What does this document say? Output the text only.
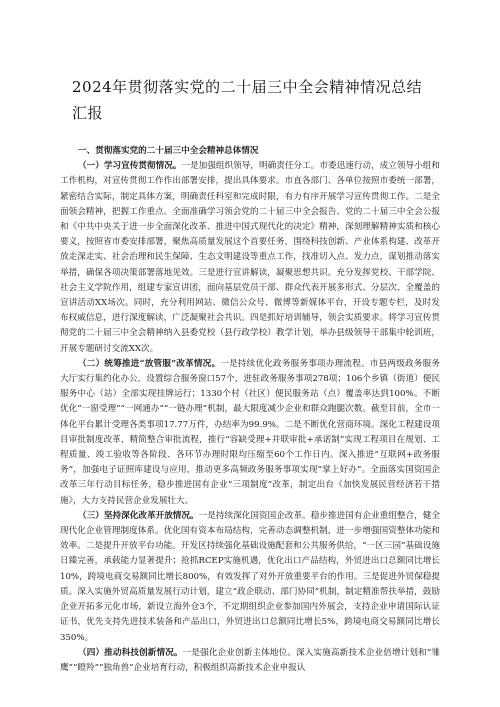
2024年贯彻落实党的二十届三中全会精神情况总结汇报

一、贯彻落实党的二十届三中全会精神总体情况

（一）学习宣传贯彻情况。一是加强组织领导，明确责任分工。市委迅速行动，成立领导小组和工作机构，对宣传贯彻工作作出部署安排，提出具体要求。市直各部门、各单位按照市委统一部署，紧密结合实际，制定具体方案，明确责任科室和完成时限，有力有序开展学习宣传贯彻工作。二是全面领会精神，把握工作重点。全面准确学习领会党的二十届三中全会报告、党的二十届三中全会公报和《中共中央关于进一步全面深化改革、推进中国式现代化的决定》精神，深刻理解精神实质和核心要义，按照省市委安排部署，聚焦高质量发展这个首要任务，围绕科技创新、产业体系构建、改革开放走深走实、社会治理和民生保障、生态文明建设等重点工作，找准切入点、发力点，谋划推动落实举措，确保各项决策部署落地见效。三是进行宣讲解读，凝聚思想共识。充分发挥党校、干部学院、社会主义学院作用，组建专家宣讲团，面向基层党员干部、群众代表开展多形式、分层次、全覆盖的宣讲活动XX场次。同时，充分利用网站、微信公众号、微博等新媒体平台，开设专题专栏，及时发布权威信息，进行深度解读，广泛凝聚社会共识。四是抓好培训辅导，领会实质要求。将学习宣传贯彻党的二十届三中全会精神纳入县委党校（县行政学校）教学计划，举办县级领导干部集中轮训班，开展专题研讨交流XX次。

（二）统筹推进“放管服”改革情况。一是持续优化政务服务事项办理流程。市县两级政务服务大厅实行集约化办公，设置综合服务窗口57个，进驻政务服务事项278项；106个乡镇（街道）便民服务中心（站）全部实现挂牌运行；1330个村（社区）便民服务站（点）覆盖率达到100%。不断优化“一窗受理”“一网通办”“一链办理”机制，最大限度减少企业和群众跑腿次数。截至目前，全市一体化平台累计受理各类事项17.77万件，办结率为99.9%。二是不断优化营商环境。深化工程建设项目审批制度改革，精简整合审批流程，推行“容缺受理+并联审批+承诺制”实现工程项目在规划、工程质量、竣工验收等各阶段、各环节办理时限均压缩至60个工作日内。深入推进“互联网+政务服务”，加强电子证照库建设与应用，推动更多高频政务服务事项实现“掌上好办”。全面落实国资国企改革三年行动目标任务，稳步推进国有企业“三项制度”改革，制定出台《加快发展民营经济若干措施》，大力支持民营企业发展壮大。

（三）坚持深化改革开放情况。一是持续深化国资国企改革。稳步推进国有企业重组整合，健全现代化企业管理制度体系。优化国有资本布局结构，完善动态调整机制，进一步增强国资整体功能和效率。二是提升开放平台功能。开发区持续强化基础设施配套和公共服务供给，“一区三园”基础设施日臻完善，承载能力显著提升；抢抓RCEP实施机遇，优化出口产品结构，外贸进出口总额同比增长10%，跨境电商交易额同比增长800%，有效发挥了对外开放重要平台的作用。三是促进外贸保稳提质。深入实施外贸高质量发展行动计划，建立“政企联动、部门协同”机制，制定精准帮扶举措，鼓励企业开拓多元化市场，新设立海外仓3个，不定期组织企业参加国内外展会，支持企业申请国际认证证书，优先支持先进技术装备和产品出口，外贸进出口总额同比增长5%，跨境电商交易额同比增长350%。

（四）推动科技创新情况。一是强化企业创新主体地位。深入实施高新技术企业倍增计划和“雏鹰”“瞪羚”“独角兽”企业培育行动，积极组织高新技术企业申报认
